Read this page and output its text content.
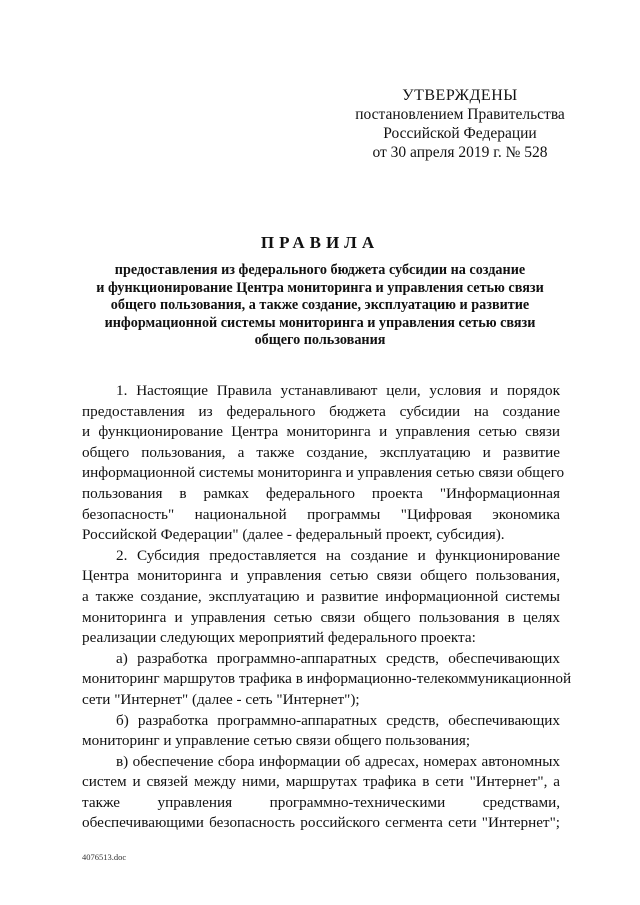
УТВЕРЖДЕНЫ
постановлением Правительства
Российской Федерации
от 30 апреля 2019 г. № 528
ПРАВИЛА
предоставления из федерального бюджета субсидии на создание
и функционирование Центра мониторинга и управления сетью связи
общего пользования, а также создание, эксплуатацию и развитие
информационной системы мониторинга и управления сетью связи
общего пользования
1. Настоящие Правила устанавливают цели, условия и порядок
предоставления из федерального бюджета субсидии на создание
и функционирование Центра мониторинга и управления сетью связи
общего пользования, а также создание, эксплуатацию и развитие
информационной системы мониторинга и управления сетью связи общего
пользования в рамках федерального проекта "Информационная
безопасность" национальной программы "Цифровая экономика
Российской Федерации" (далее - федеральный проект, субсидия).
2. Субсидия предоставляется на создание и функционирование
Центра мониторинга и управления сетью связи общего пользования,
а также создание, эксплуатацию и развитие информационной системы
мониторинга и управления сетью связи общего пользования в целях
реализации следующих мероприятий федерального проекта:
а) разработка программно-аппаратных средств, обеспечивающих
мониторинг маршрутов трафика в информационно-телекоммуникационной
сети "Интернет" (далее - сеть "Интернет");
б) разработка программно-аппаратных средств, обеспечивающих
мониторинг и управление сетью связи общего пользования;
в) обеспечение сбора информации об адресах, номерах автономных
систем и связей между ними, маршрутах трафика в сети "Интернет", а
также управления программно-техническими средствами,
обеспечивающими безопасность российского сегмента сети "Интернет";
4076513.doc
